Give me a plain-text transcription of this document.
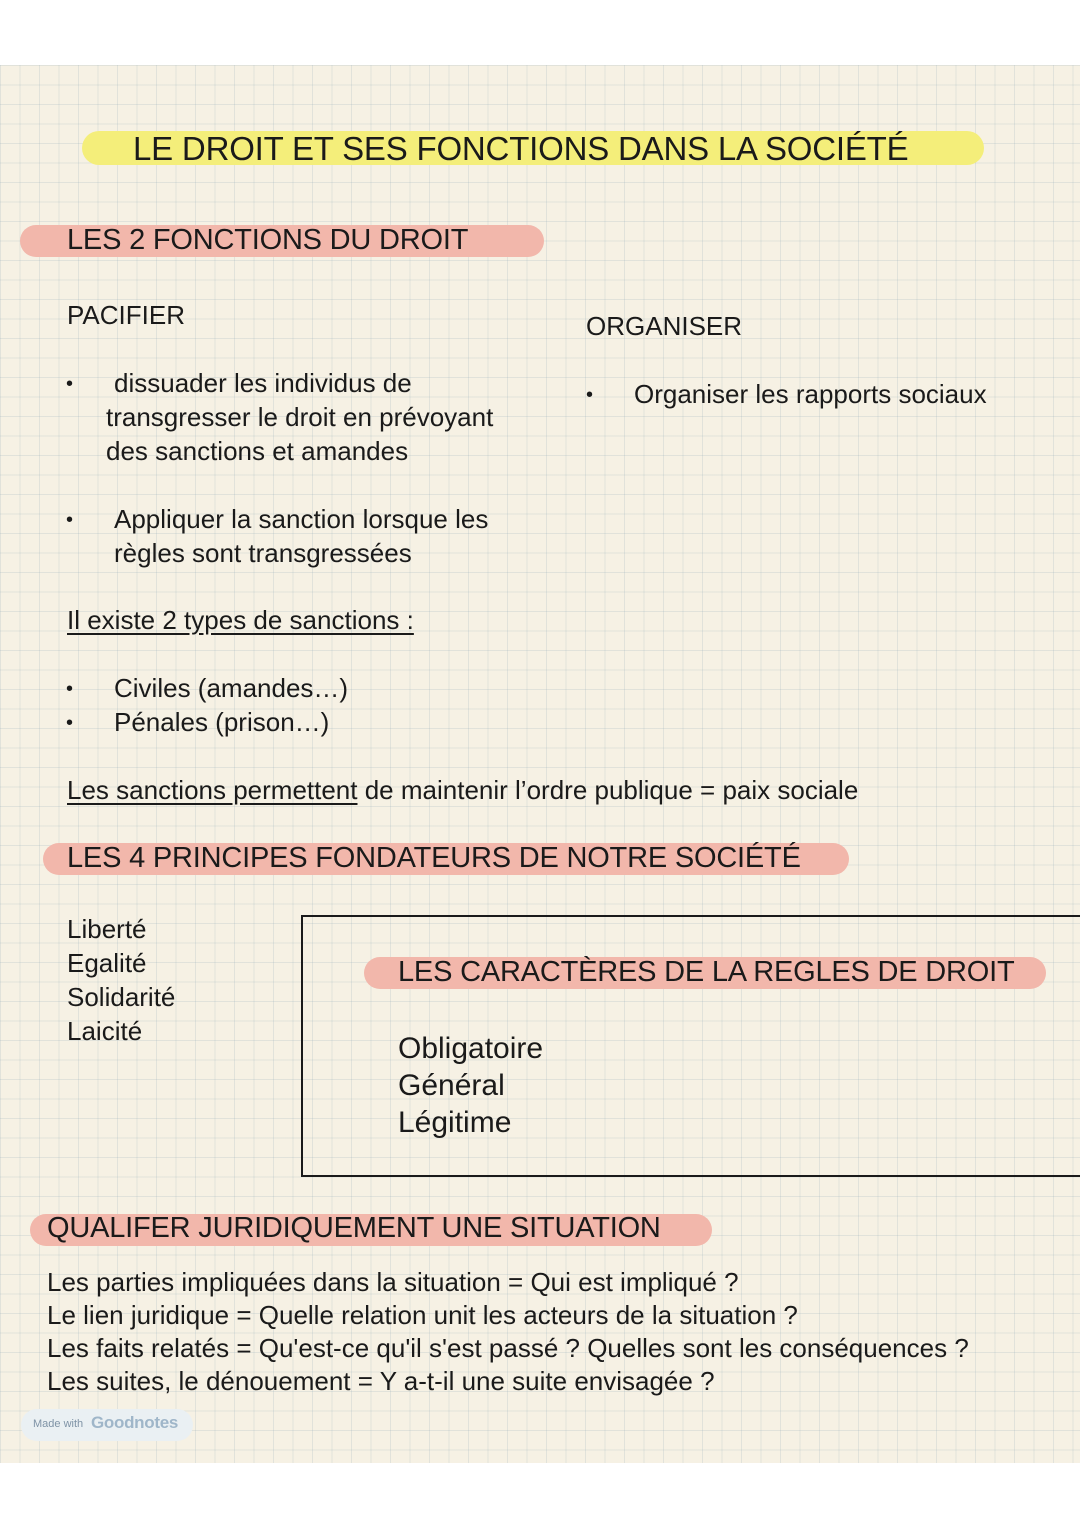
LE DROIT ET SES FONCTIONS DANS LA SOCIÉTÉ
LES 2 FONCTIONS DU DROIT
PACIFIER	ORGANISER
• dissuader les individus de
transgresser le droit en prévoyant
des sanctions et amandes
• Appliquer la sanction lorsque les
règles sont transgressées
• Organiser les rapports sociaux
Il existe 2 types de sanctions :
• Civiles (amandes…)
• Pénales (prison…)
Les sanctions permettent de maintenir l’ordre publique = paix sociale
LES 4 PRINCIPES FONDATEURS DE NOTRE SOCIÉTÉ
Liberté
Egalité
Solidarité
Laicité
LES CARACTÈRES DE LA REGLES DE DROIT
Obligatoire
Général
Légitime
QUALIFER JURIDIQUEMENT UNE SITUATION
Les parties impliquées dans la situation = Qui est impliqué ?
Le lien juridique = Quelle relation unit les acteurs de la situation ?
Les faits relatés = Qu'est-ce qu'il s'est passé ? Quelles sont les conséquences ?
Les suites, le dénouement = Y a-t-il une suite envisagée ?
Made with Goodnotes
